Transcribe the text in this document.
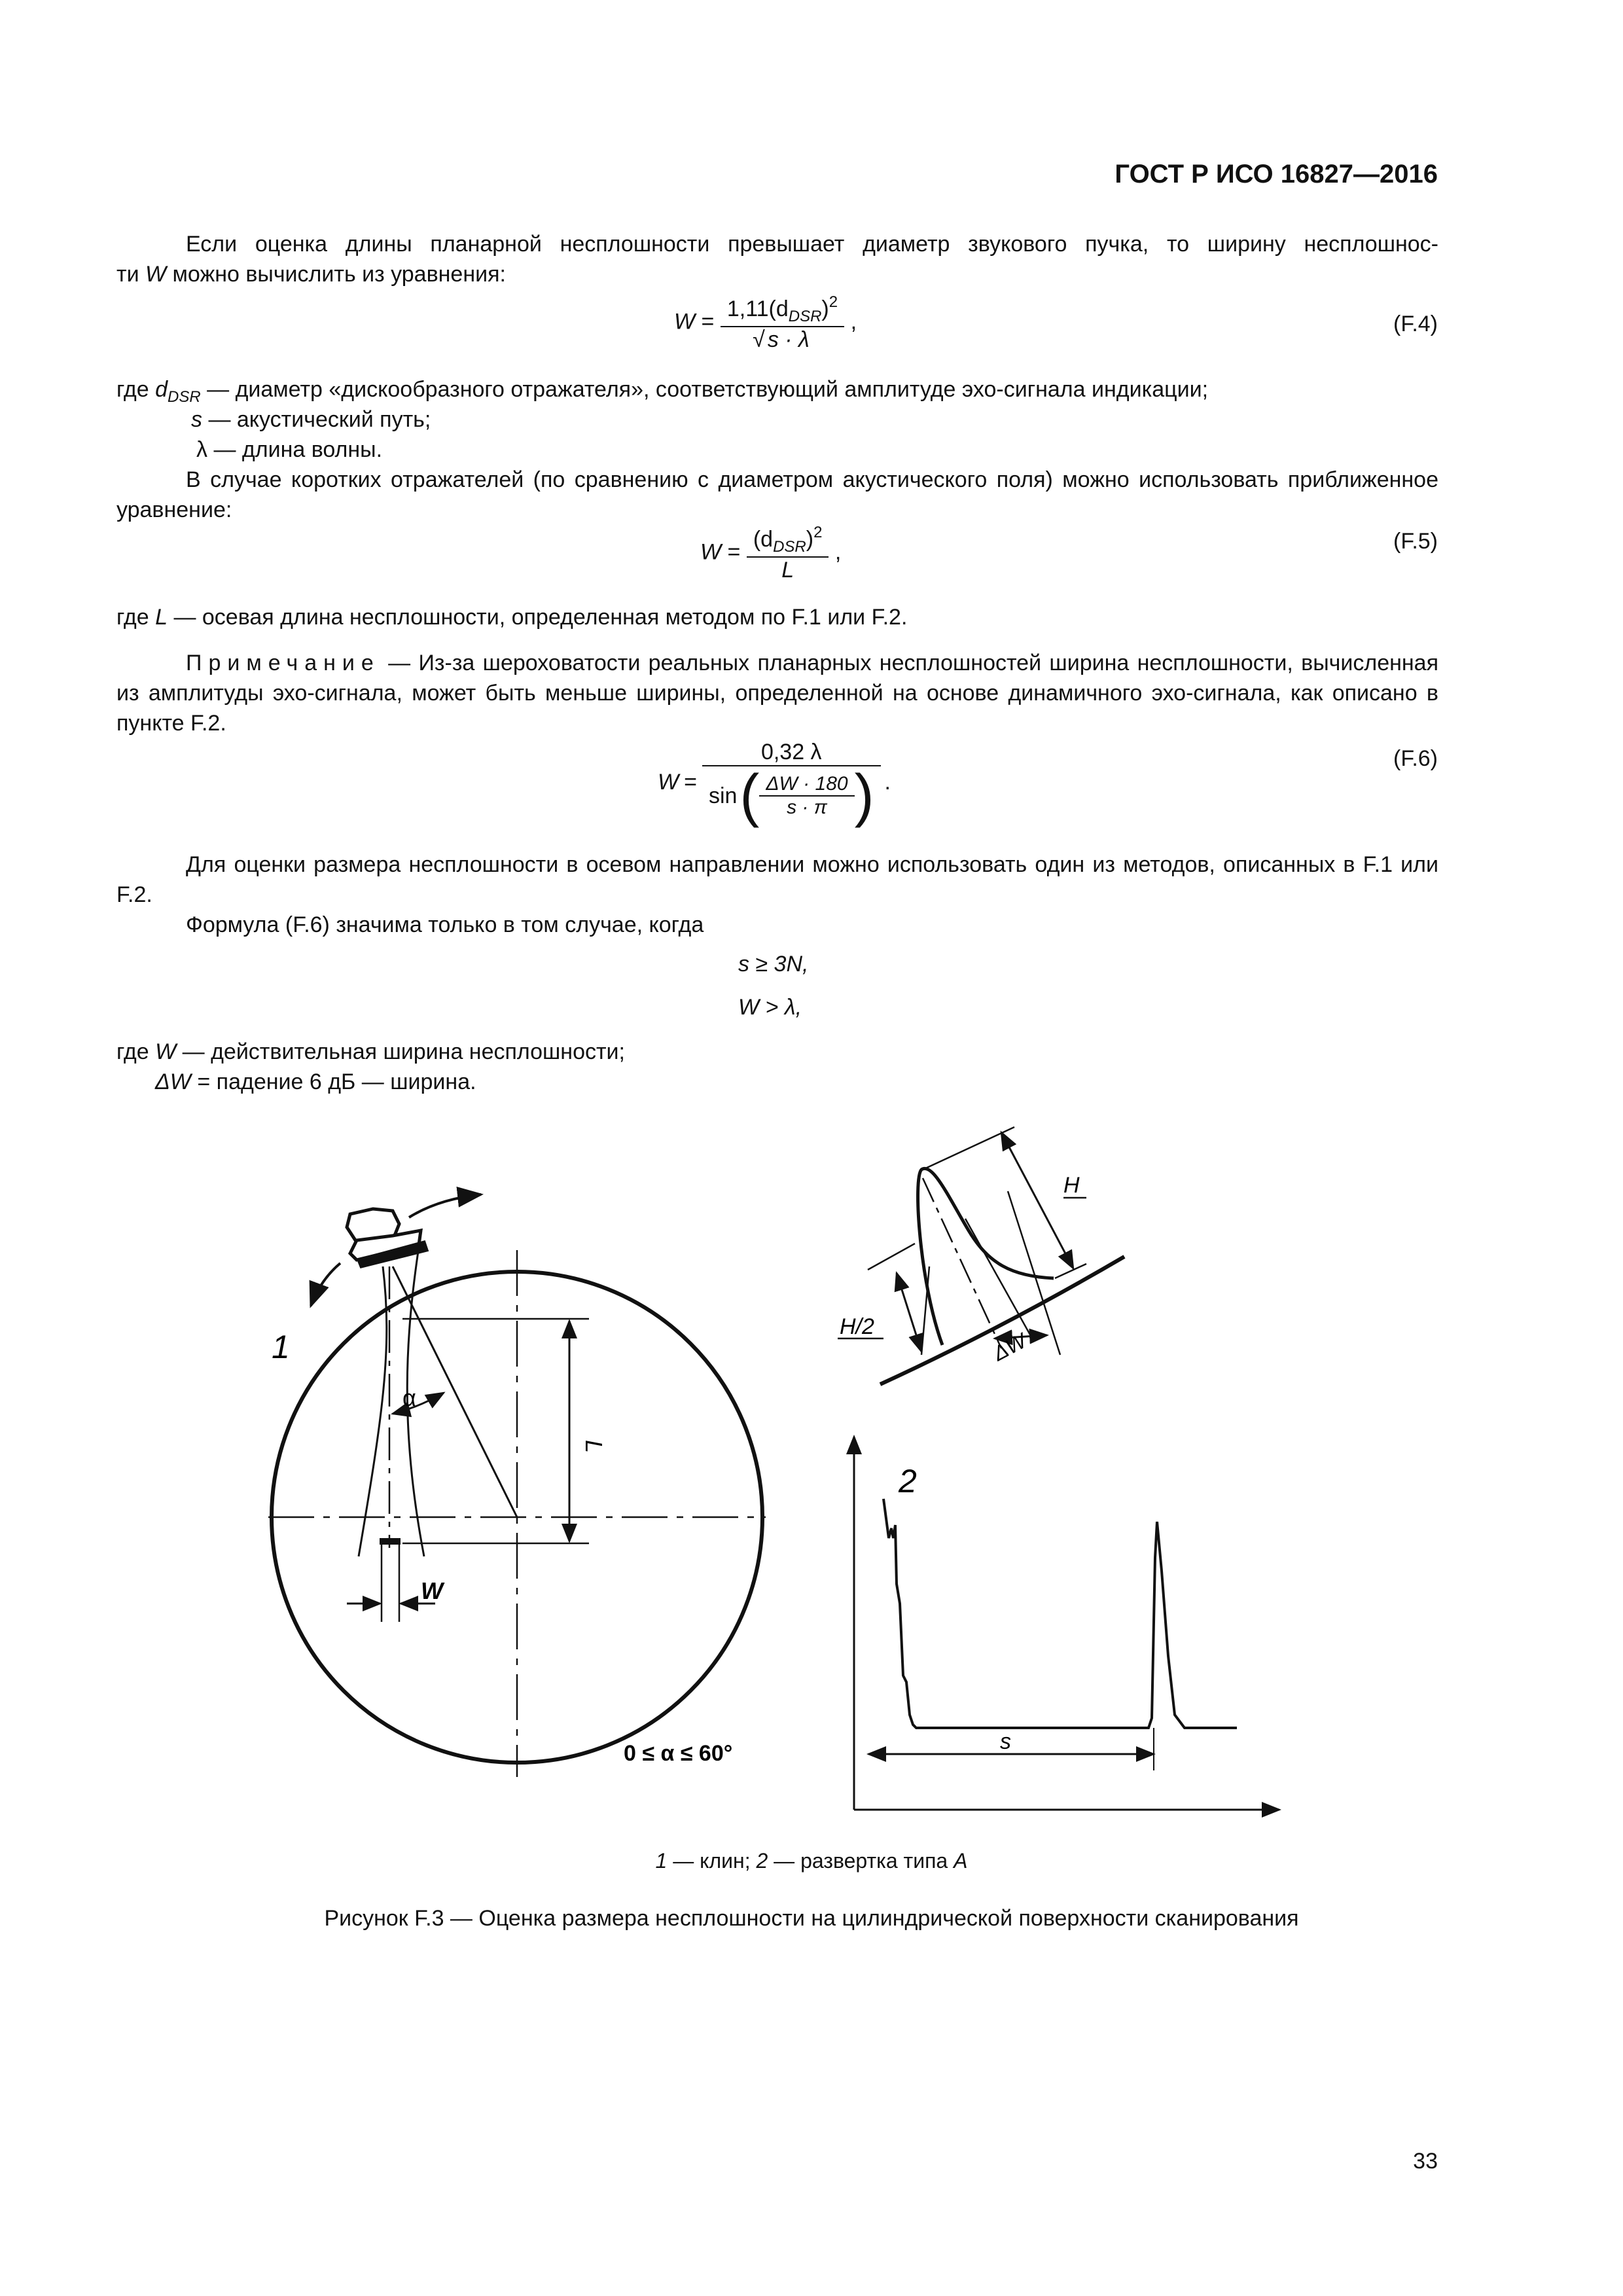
ГОСТ Р ИСО 16827—2016
Если оценка длины планарной несплошности превышает диаметр звукового пучка, то ширину несплошнос-
ти W можно вычислить из уравнения:
$W = \frac{1,11(d_{DSR})^2}{√ s \cdot \lambda}$ ,	(F.4)
где $d_{DSR}$ — диаметр «дискообразного отражателя», соответствующий амплитуде эхо-сигнала индикации;
s — акустический путь;
λ — длина волны.
В случае коротких отражателей (по сравнению с диаметром акустического поля) можно использовать приближенное уравнение:
$W = \frac{(d_{DSR})^2}{L}$ ,	(F.5)
где L — осевая длина несплошности, определенная методом по F.1 или F.2.
Примечание — Из-за шероховатости реальных планарных несплошностей ширина несплошности, вычисленная из амплитуды эхо-сигнала, может быть меньше ширины, определенной на основе динамичного эхо-сигнала, как описано в пункте F.2.
W =
0,32 λ
sin ( $\frac{\Delta W \cdot 180}{s \cdot \pi}$ ) .
(F.6)
Для оценки размера несплошности в осевом направлении можно использовать один из методов, описанных в F.1 или F.2.
Формула (F.6) значима только в том случае, когда
s ≥ 3N,
W > λ,
где W — действительная ширина несплошности;
ΔW = падение 6 дБ — ширина.
1
α
L
W
0 ≤ α ≤ 60°
H
H/2
ΔW
2
s
1 — клин; 2 — развертка типа A
Рисунок F.3 — Оценка размера несплошности на цилиндрической поверхности сканирования
33
